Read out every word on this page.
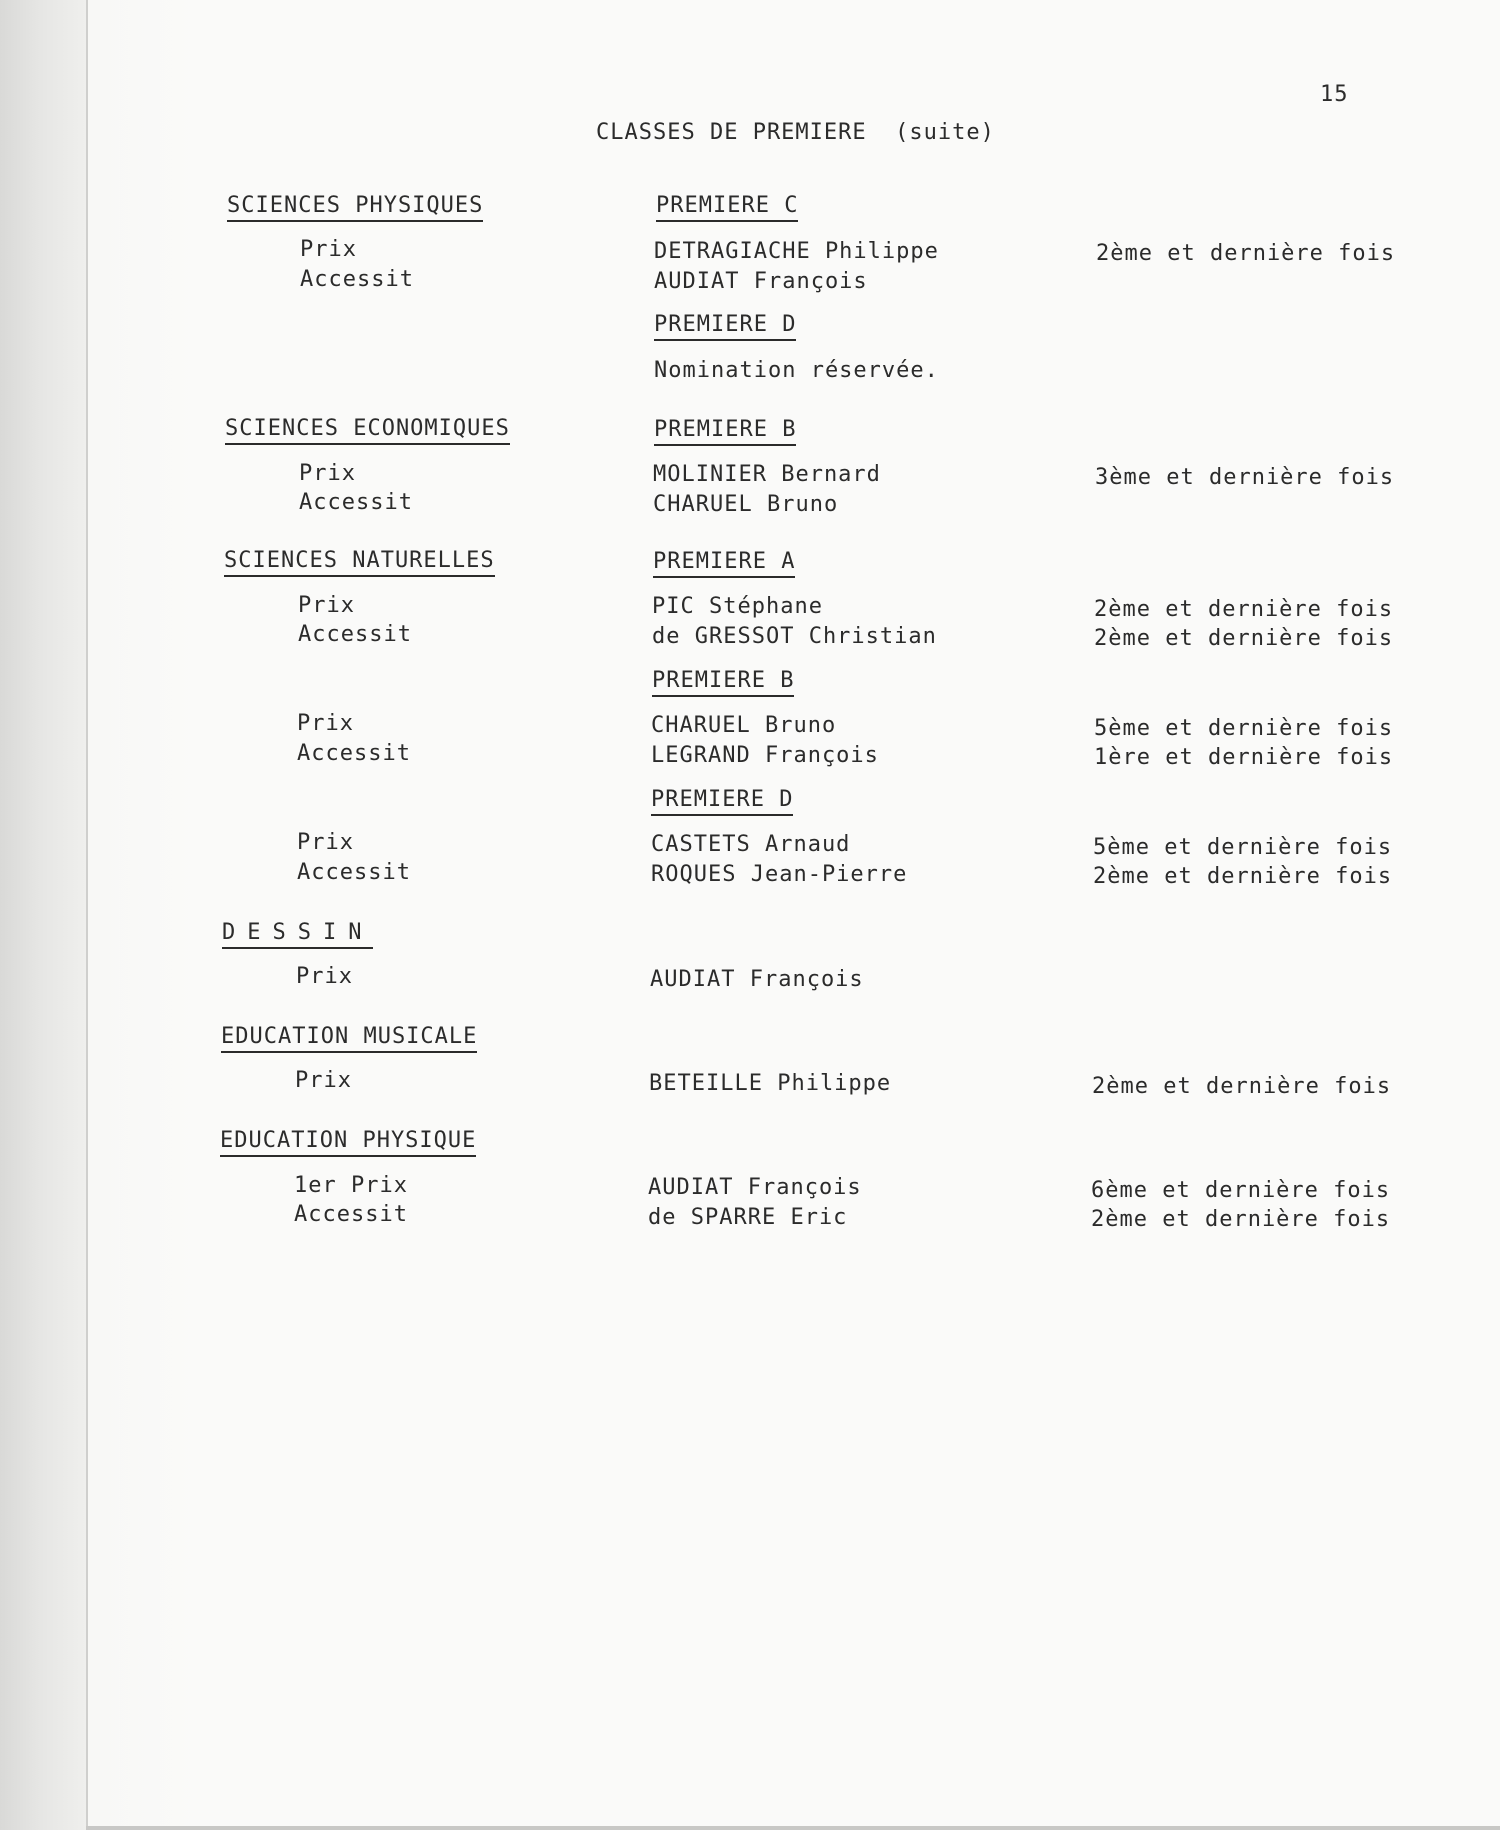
15
CLASSES DE PREMIERE  (suite)
SCIENCES PHYSIQUES	PREMIERE C
Prix	DETRAGIACHE Philippe	2ème et dernière fois
Accessit	AUDIAT François
PREMIERE D
Nomination réservée.
SCIENCES ECONOMIQUES	PREMIERE B
Prix	MOLINIER Bernard	3ème et dernière fois
Accessit	CHARUEL Bruno
SCIENCES NATURELLES	PREMIERE A
Prix	PIC Stéphane	2ème et dernière fois
Accessit	de GRESSOT Christian	2ème et dernière fois
PREMIERE B
Prix	CHARUEL Bruno	5ème et dernière fois
Accessit	LEGRAND François	1ère et dernière fois
PREMIERE D
Prix	CASTETS Arnaud	5ème et dernière fois
Accessit	ROQUES Jean-Pierre	2ème et dernière fois
DESSIN
Prix	AUDIAT François
EDUCATION MUSICALE
Prix	BETEILLE Philippe	2ème et dernière fois
EDUCATION PHYSIQUE
1er Prix	AUDIAT François	6ème et dernière fois
Accessit	de SPARRE Eric	2ème et dernière fois
